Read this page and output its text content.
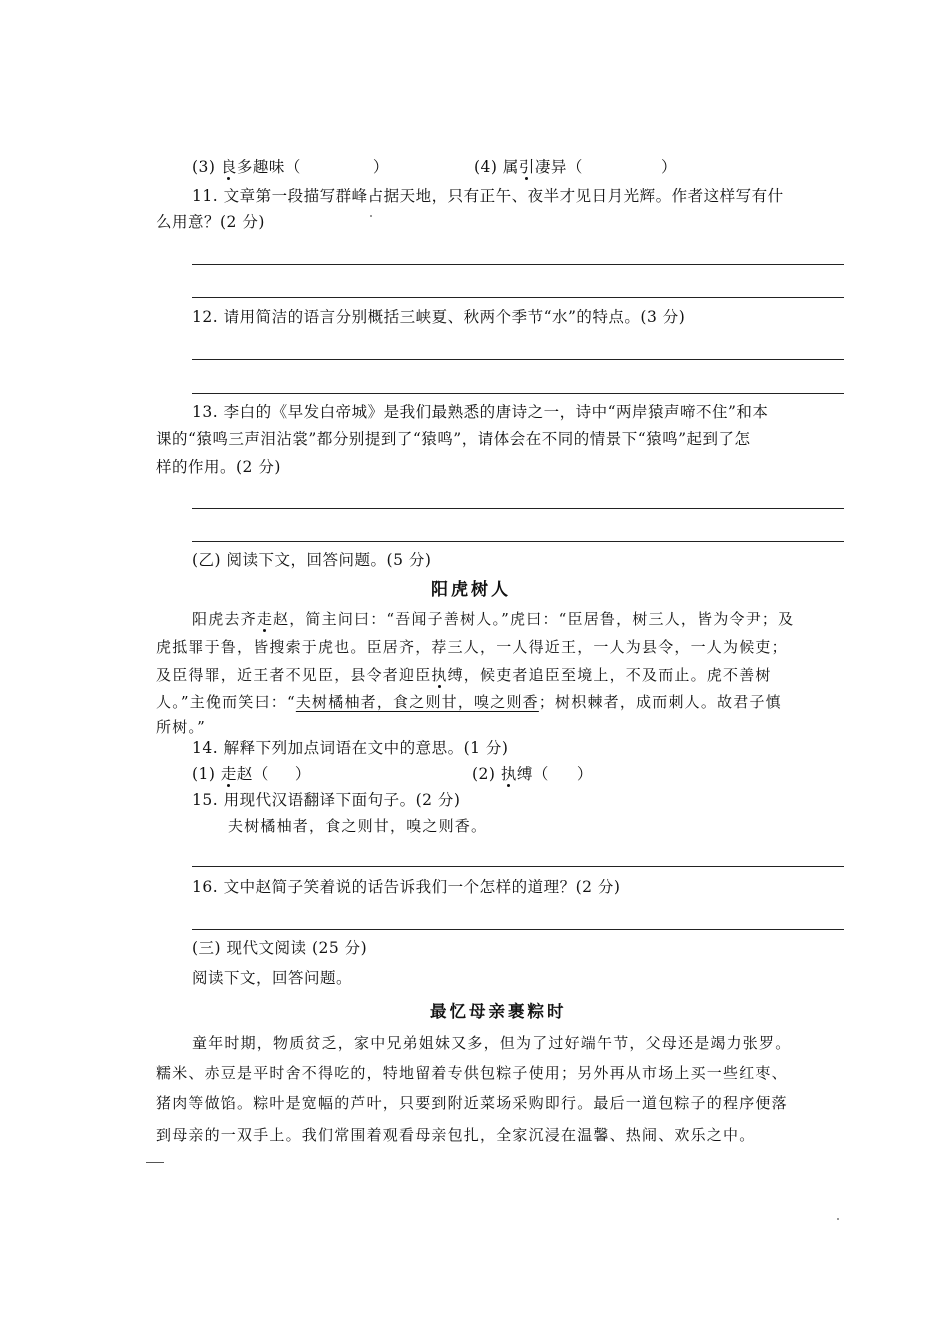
(3) 良多趣味（	）	(4) 属引凄异（	）
11. 文章第一段描写群峰占据天地，只有正午、夜半才见日月光辉。作者这样写有什
么用意？(2 分)
12. 请用简洁的语言分别概括三峡夏、秋两个季节“水”的特点。(3 分)
13. 李白的《早发白帝城》是我们最熟悉的唐诗之一，诗中“两岸猿声啼不住”和本
课的“猿鸣三声泪沾裳”都分别提到了“猿鸣”，请体会在不同的情景下“猿鸣”起到了怎
样的作用。(2 分)
(乙) 阅读下文，回答问题。(5 分)
阳虎树人
阳虎去齐走赵，简主问曰：“吾闻子善树人。”虎曰：“臣居鲁，树三人，皆为令尹；及
虎抵罪于鲁，皆搜索于虎也。臣居齐，荐三人，一人得近王，一人为县令，一人为候吏；
及臣得罪，近王者不见臣，县令者迎臣执缚，候吏者追臣至境上，不及而止。虎不善树
人。”主俛而笑曰：“夫树橘柚者，食之则甘，嗅之则香；树枳棘者，成而刺人。故君子慎
所树。”
14. 解释下列加点词语在文中的意思。(1 分)
(1) 走赵（ ）	(2) 执缚（ ）
15. 用现代汉语翻译下面句子。(2 分)
夫树橘柚者，食之则甘，嗅之则香。
16. 文中赵简子笑着说的话告诉我们一个怎样的道理？(2 分)
(三) 现代文阅读 (25 分)
阅读下文，回答问题。
最忆母亲裹粽时
童年时期，物质贫乏，家中兄弟姐妹又多，但为了过好端午节，父母还是竭力张罗。
糯米、赤豆是平时舍不得吃的，特地留着专供包粽子使用；另外再从市场上买一些红枣、
猪肉等做馅。粽叶是宽幅的芦叶，只要到附近菜场采购即行。最后一道包粽子的程序便落
到母亲的一双手上。我们常围着观看母亲包扎，全家沉浸在温馨、热闹、欢乐之中。
